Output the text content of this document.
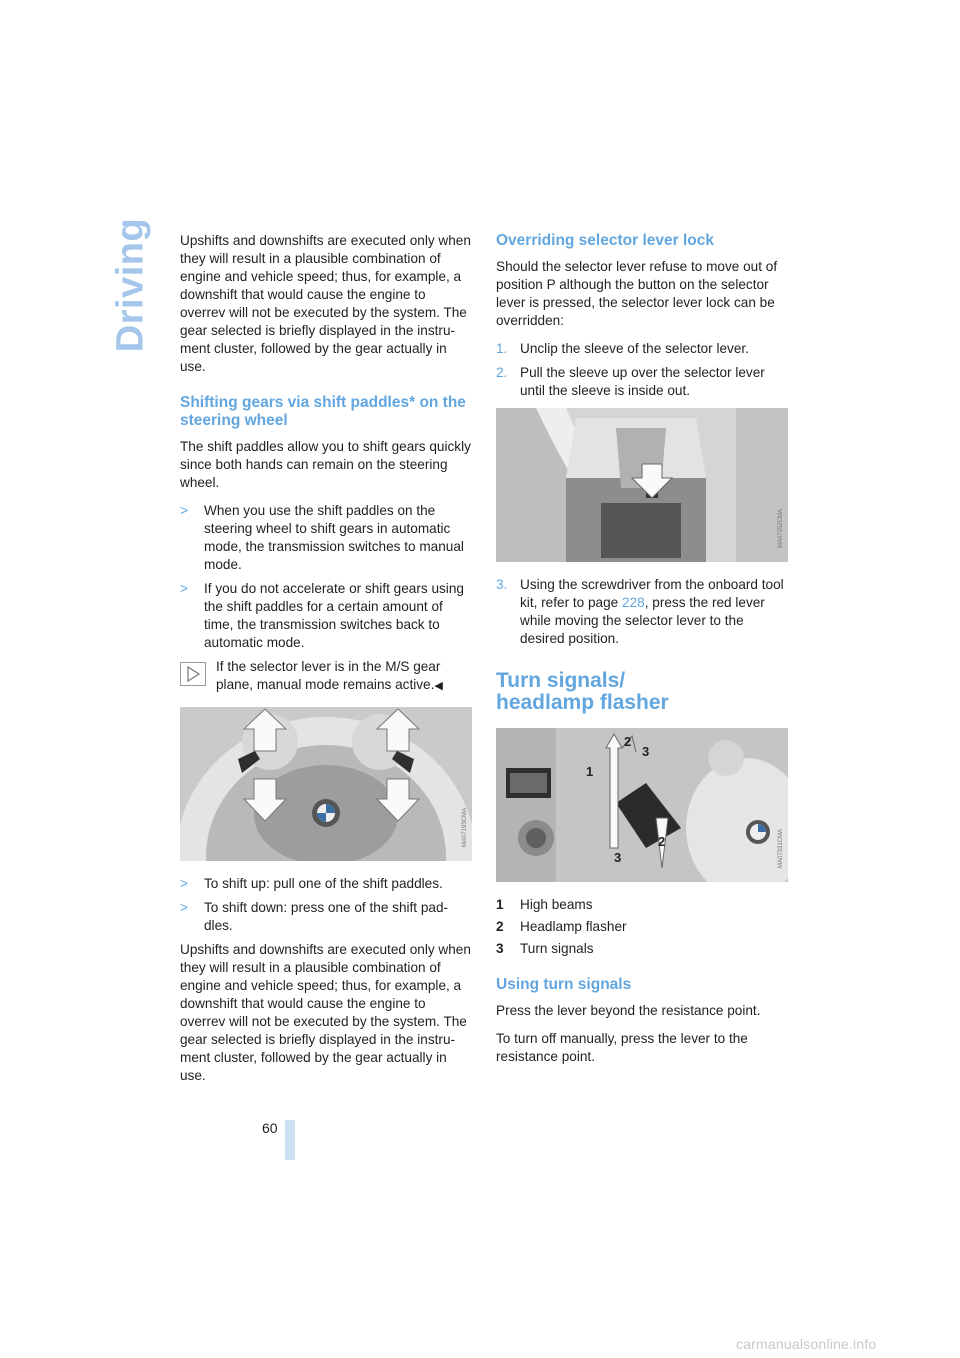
Driving Upshifts and downshifts are executed only when they will result in a plausible combination of engine and vehicle speed; thus, for example, a downshift that would cause the engine to overrev will not be executed by the system. The gear selected is briefly displayed in the instru-ment cluster, followed by the gear actually in use.

Shifting gears via shift paddles* on the steering wheel

The shift paddles allow you to shift gears quickly since both hands can remain on the steering wheel.

> When you use the shift paddles on the steering wheel to shift gears in automatic mode, the transmission switches to manual mode.
> If you do not accelerate or shift gears using the shift paddles for a certain amount of time, the transmission switches back to automatic mode.
If the selector lever is in the M/S gear plane, manual mode remains active.◀
MA07193CMA
> To shift up: pull one of the shift paddles.
> To shift down: press one of the shift pad-dles.

Upshifts and downshifts are executed only when they will result in a plausible combination of engine and vehicle speed; thus, for example, a downshift that would cause the engine to overrev will not be executed by the system. The gear selected is briefly displayed in the instru-ment cluster, followed by the gear actually in use.

Overriding selector lever lock

Should the selector lever refuse to move out of position P although the button on the selector lever is pressed, the selector lever lock can be overridden:

1. Unclip the sleeve of the selector lever.
2. Pull the sleeve up over the selector lever until the sleeve is inside out.
MA07252CMA
3. Using the screwdriver from the onboard tool kit, refer to page 228, press the red lever while moving the selector lever to the desired position.
Turn signals/
headlamp flasher
1
2
2
3
3
MA07331CMA
1 High beams
2 Headlamp flasher
3 Turn signals
Using turn signals

Press the lever beyond the resistance point.

To turn off manually, press the lever to the resistance point.

60
carmanualsonline.info
